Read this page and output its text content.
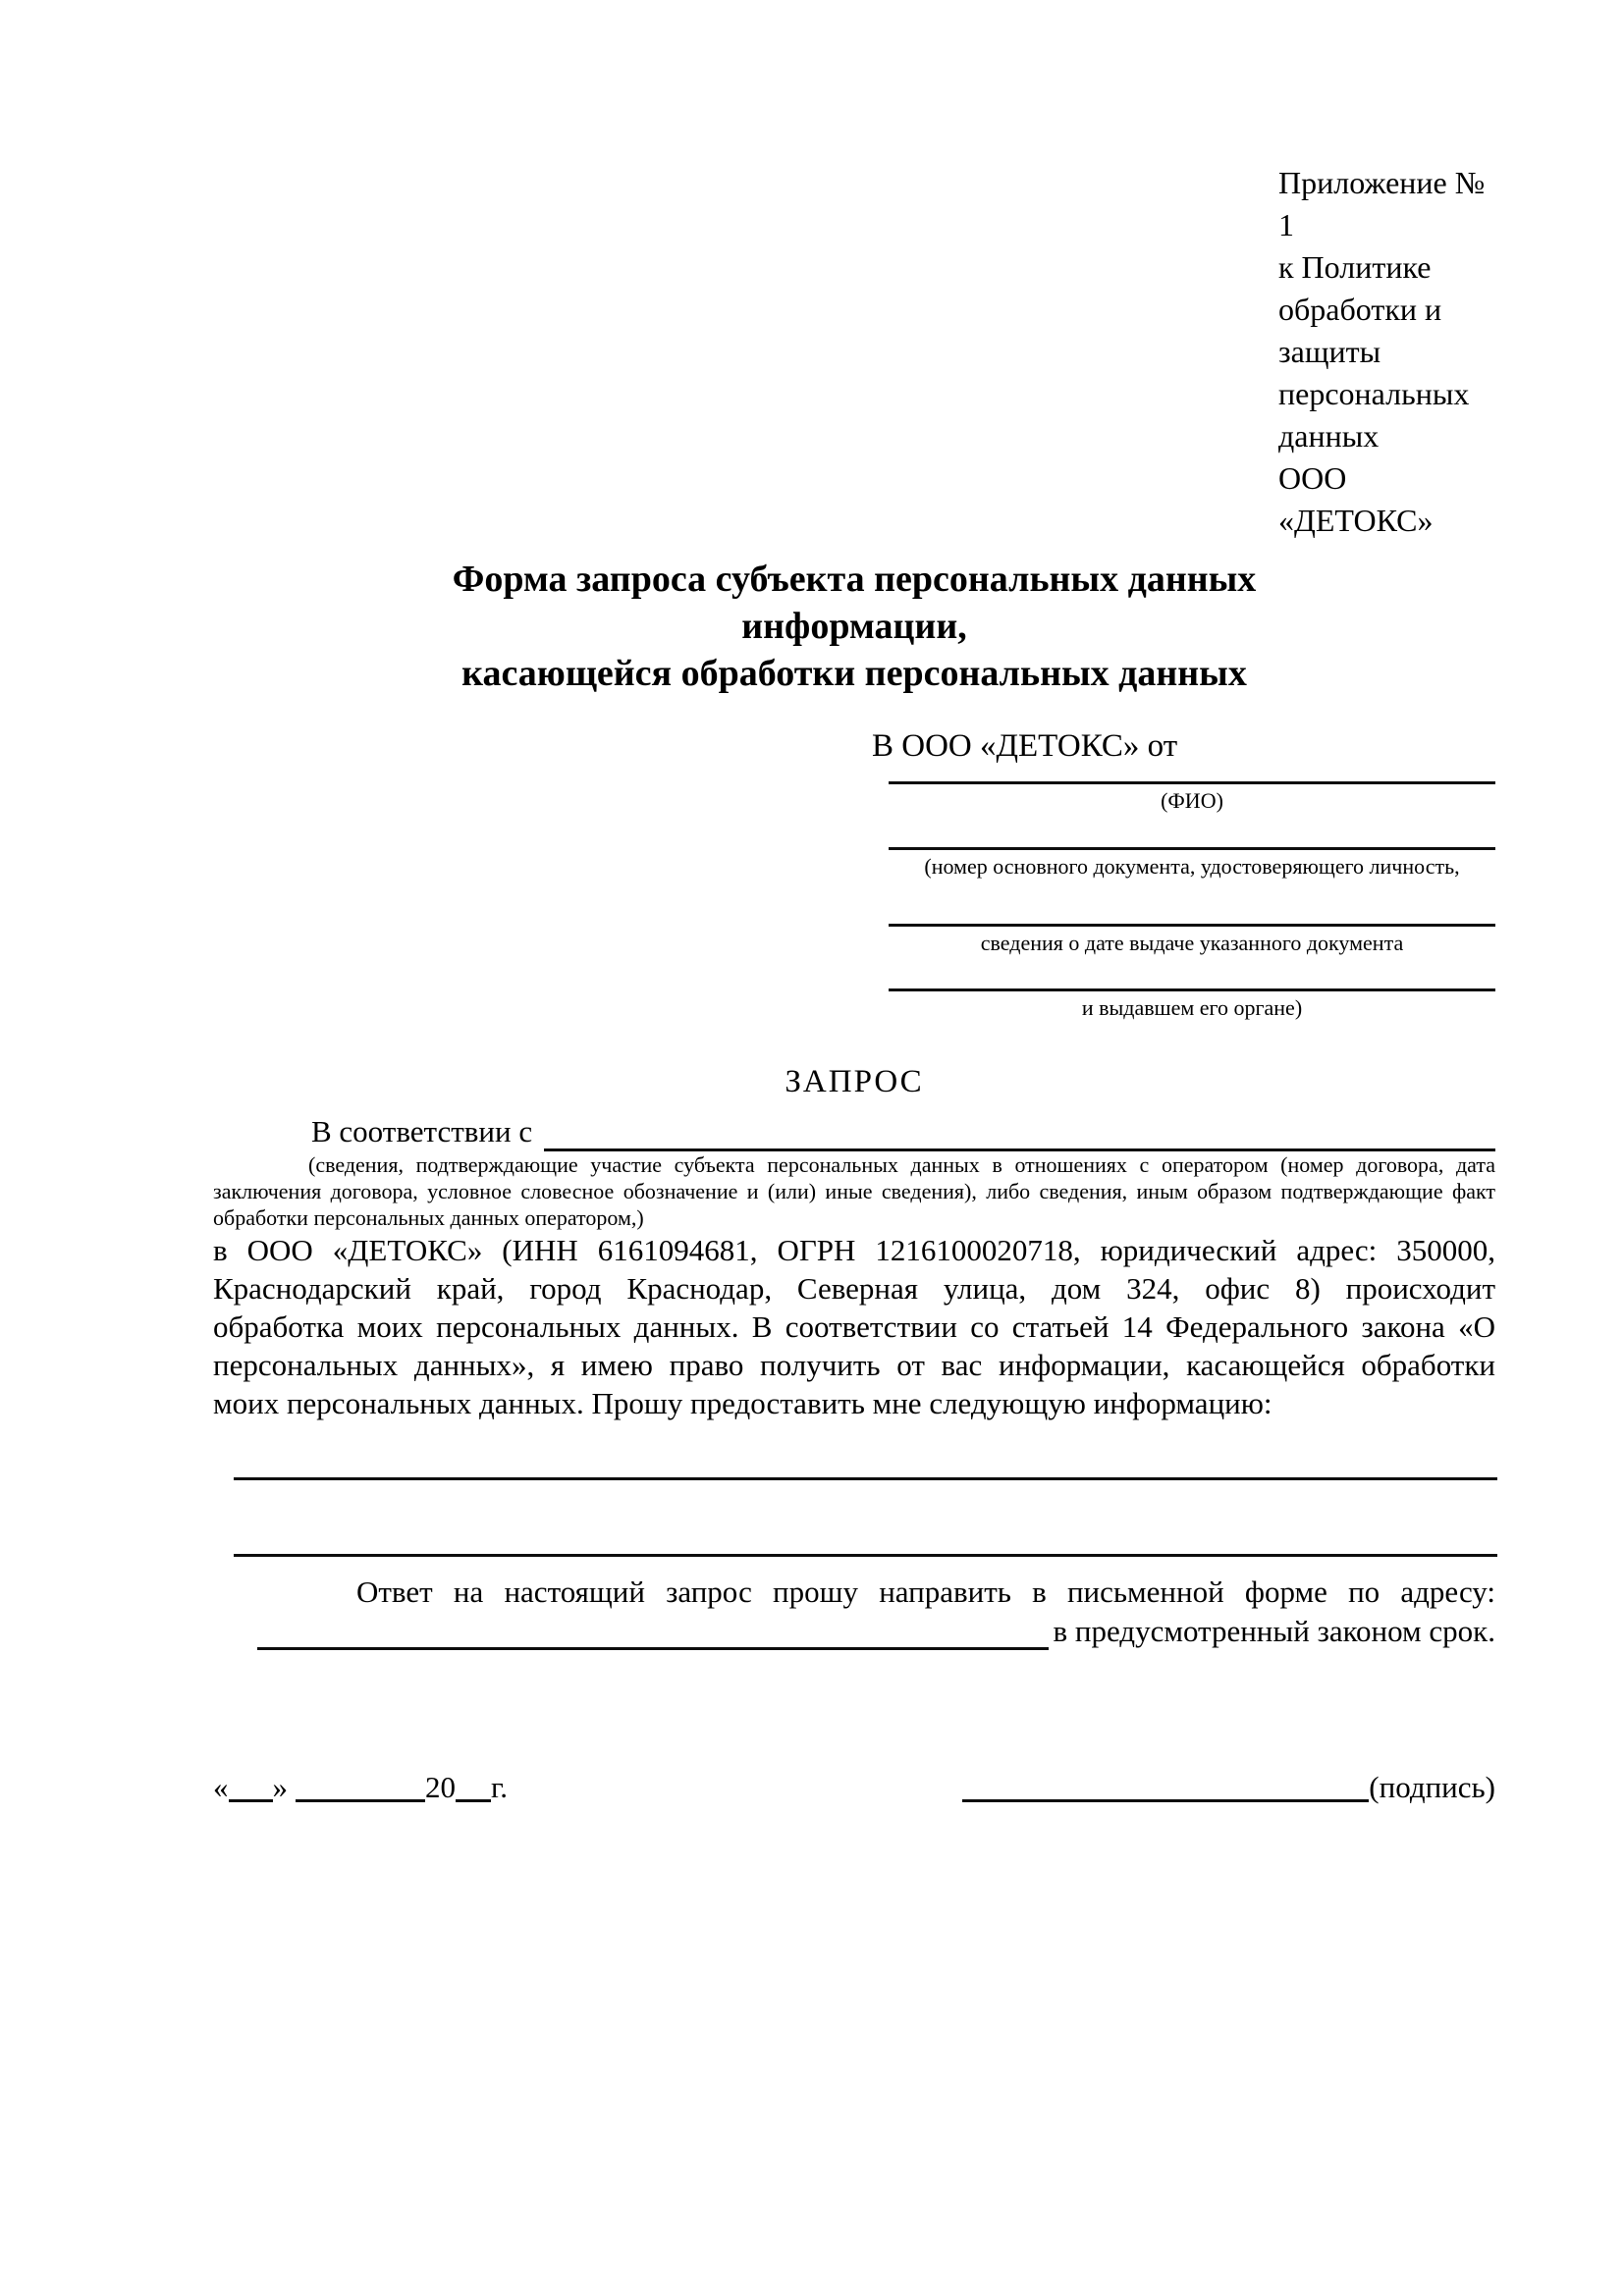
Приложение № 1
к Политике обработки и защиты
персональных данных
ООО «ДЕТОКС»
Форма запроса субъекта персональных данных информации,
касающейся обработки персональных данных
В ООО «ДЕТОКС» от
(ФИО)
(номер основного документа, удостоверяющего личность,
сведения о дате выдаче указанного документа
и выдавшем его органе)
ЗАПРОС
В соответствии с
(сведения, подтверждающие участие субъекта персональных данных в отношениях с оператором (номер договора, дата
заключения договора, условное словесное обозначение и (или) иные сведения), либо сведения, иным образом подтверждающие факт
обработки персональных данных оператором,)
в ООО «ДЕТОКС» (ИНН 6161094681, ОГРН 1216100020718, юридический адрес: 350000,
Краснодарский край, город Краснодар, Северная улица, дом 324, офис 8) происходит
обработка моих персональных данных. В соответствии со статьей 14 Федерального закона «О
персональных данных», я имею право получить от вас информации, касающейся обработки
моих персональных данных. Прошу предоставить мне следующую информацию:
Ответ на настоящий запрос прошу направить в письменной форме по адресу:
в предусмотренный законом срок.
« »	20 г.	(подпись)
